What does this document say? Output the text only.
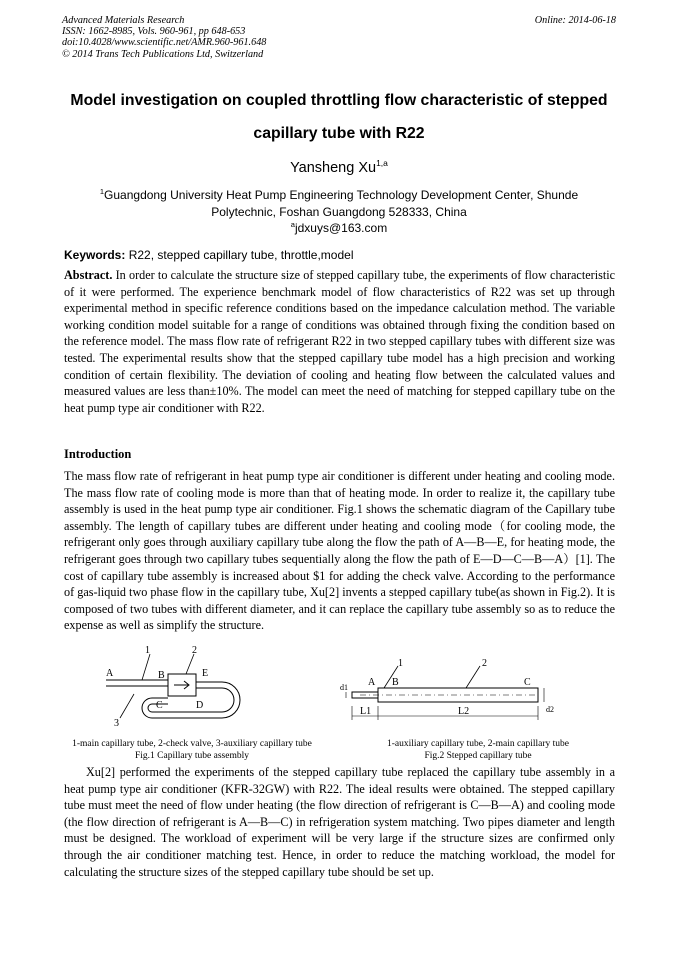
Advanced Materials Research
ISSN: 1662-8985, Vols. 960-961, pp 648-653
doi:10.4028/www.scientific.net/AMR.960-961.648
© 2014 Trans Tech Publications Ltd, Switzerland
Online: 2014-06-18
Model investigation on coupled throttling flow characteristic of stepped
capillary tube with R22
Yansheng Xu$^{1,a}$
$^1$Guangdong University Heat Pump Engineering Technology Development Center, Shunde
Polytechnic, Foshan Guangdong 528333, China
$^a$jdxuys@163.com
Keywords: R22, stepped capillary tube, throttle,model
Abstract. In order to calculate the structure size of stepped capillary tube, the experiments of flow characteristic of it were performed. The experience benchmark model of flow characteristics of R22 was set up through experimental method in specific reference conditions based on the impedance calculation method. The variable working condition model suitable for a range of conditions was obtained through fixing the condition based on the reference model. The mass flow rate of refrigerant R22 in two stepped capillary tubes with different size was tested. The experimental results show that the stepped capillary tube model has a high precision and working condition of certain flexibility. The deviation of cooling and heating flow between the calculated values and measured values are less than±10%. The model can meet the need of matching for stepped capillary tube on the heat pump type air conditioner with R22.
Introduction
The mass flow rate of refrigerant in heat pump type air conditioner is different under heating and cooling mode. The mass flow rate of cooling mode is more than that of heating mode. In order to realize it, the capillary tube assembly is used in the heat pump type air conditioner. Fig.1 shows the schematic diagram of the Capillary tube assembly. The length of capillary tubes are different under heating and cooling mode（for cooling mode, the refrigerant only goes through auxiliary capillary tube along the flow the path of A—B—E, for heating mode, the refrigerant goes through two capillary tubes sequentially along the flow the path of E—D—C—B—A）[1]. The cost of capillary tube assembly is increased about $1 for adding the check valve. According to the performance of gas-liquid two phase flow in the capillary tube, Xu[2] invents a stepped capillary tube(as shown in Fig.2). It is composed of two tubes with different diameter, and it can replace the capillary tube assembly so as to reduce the expense as well as simplify the structure.
1	2
3
A	B
C	D
E
1-main capillary tube, 2-check valve, 3-auxiliary capillary tube
Fig.1 Capillary tube assembly
1	2
A B	C
L1	L2
d1
d2
1-auxiliary capillary tube, 2-main capillary tube
Fig.2 Stepped capillary tube
Xu[2] performed the experiments of the stepped capillary tube replaced the capillary tube assembly in a heat pump type air conditioner (KFR-32GW) with R22. The ideal results were obtained. The stepped capillary tube must meet the need of flow under heating (the flow direction of refrigerant is C—B—A) and cooling mode (the flow direction of refrigerant is A—B—C) in refrigeration system matching. Two pipes diameter and length must be designed. The workload of experiment will be very large if the structure sizes are confirmed only through the air conditioner matching test. Hence, in order to reduce the matching workload, the model for calculating the structure sizes of the stepped capillary tube should be set up.
